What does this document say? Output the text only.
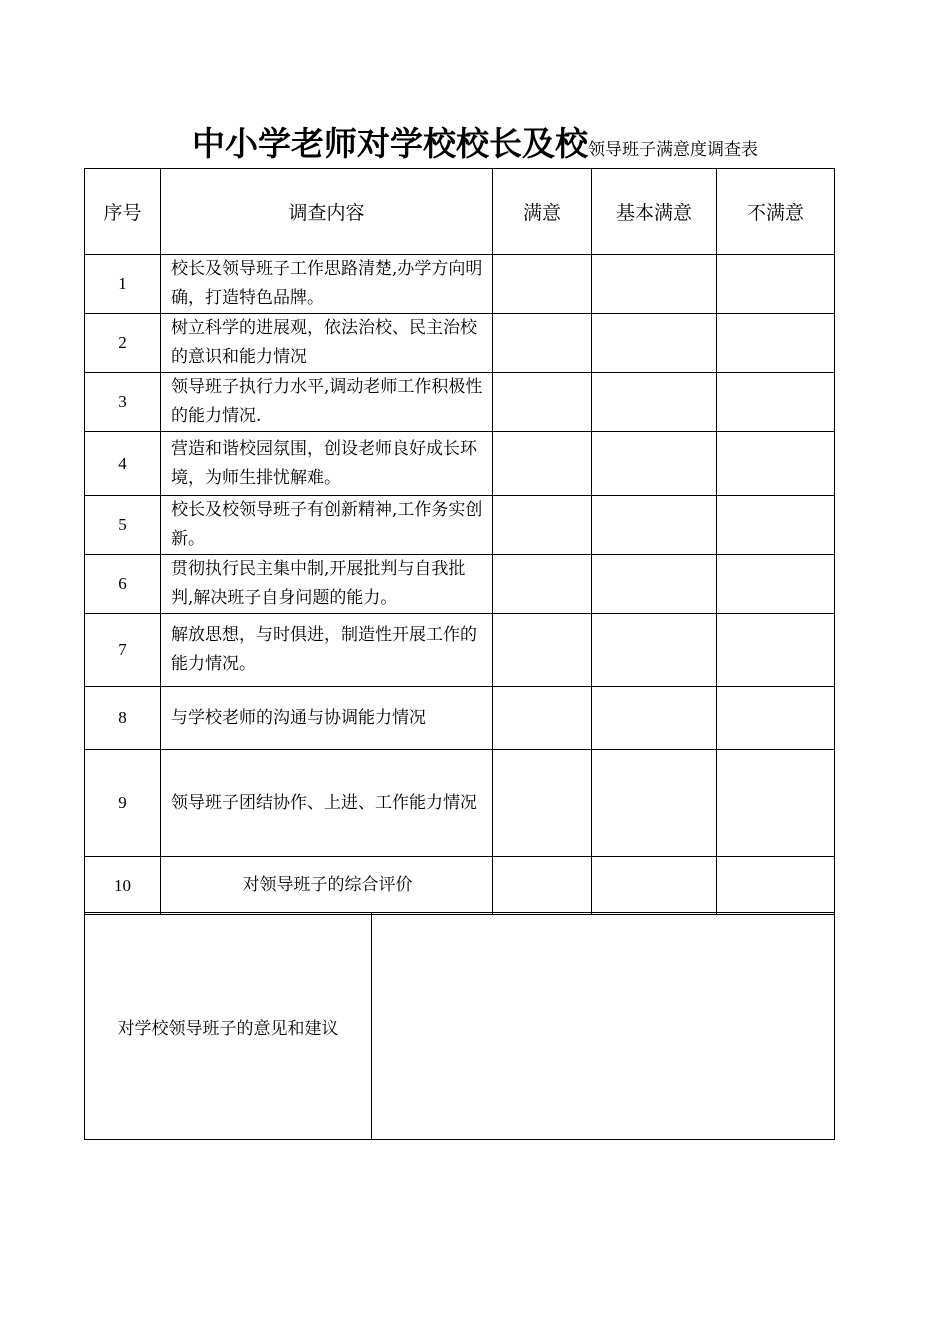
中小学老师对学校校长及校领导班子满意度调查表
序号	调查内容	满意	基本满意	不满意
1	校长及领导班子工作思路清楚,办学方向明确，打造特色品牌。			
2	树立科学的进展观，依法治校、民主治校的意识和能力情况			
3	领导班子执行力水平,调动老师工作积极性的能力情况.			
4	营造和谐校园氛围，创设老师良好成长环境，为师生排忧解难。			
5	校长及校领导班子有创新精神,工作务实创新。			
6	贯彻执行民主集中制,开展批判与自我批判,解决班子自身问题的能力。			
7	解放思想，与时俱进，制造性开展工作的能力情况。			
8	与学校老师的沟通与协调能力情况			
9	领导班子团结协作、上进、工作能力情况			
10	对领导班子的综合评价			
对学校领导班子的意见和建议	
